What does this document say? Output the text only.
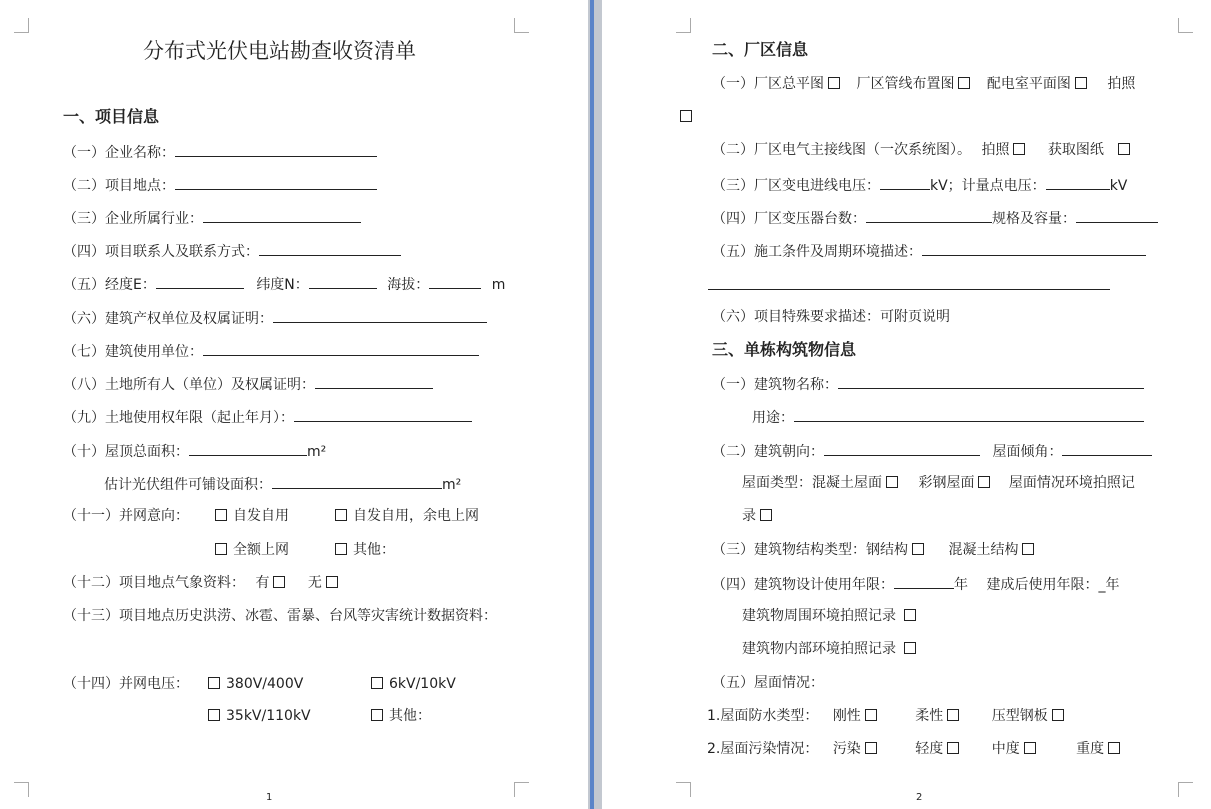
分布式光伏电站勘查收资清单
一、项目信息
（一）企业名称：
（二）项目地点：
（三）企业所属行业：
（四）项目联系人及联系方式：
（五）经度E：	纬度N：	海拔：	m
（六）建筑产权单位及权属证明：
（七）建筑使用单位：
（八）土地所有人（单位）及权属证明：
（九）土地使用权年限（起止年月）：
（十）屋顶总面积：	m²
估计光伏组件可铺设面积：	m²
（十一）并网意向：	自发自用	自发自用，余电上网
全额上网	其他：
（十二）项目地点气象资料： 有	无
（十三）项目地点历史洪涝、冰雹、雷暴、台风等灾害统计数据资料：
（十四）并网电压：	380V/400V	6kV/10kV
35kV/110kV	其他：
1
二、厂区信息
（一）厂区总平图 厂区管线布置图 配电室平面图	拍照
（二）厂区电气主接线图（一次系统图）。 拍照	获取图纸
（三）厂区变电进线电压：	kV；计量点电压：	kV
（四）厂区变压器台数：	规格及容量：
（五）施工条件及周期环境描述：
（六）项目特殊要求描述：可附页说明
三、单栋构筑物信息
（一）建筑物名称：
用途：
（二）建筑朝向：	屋面倾角：
屋面类型：混凝土屋面	彩钢屋面 屋面情况环境拍照记
录
（三）建筑物结构类型：钢结构	混凝土结构
（四）建筑物设计使用年限：	年 建成后使用年限：_年
建筑物周围环境拍照记录
建筑物内部环境拍照记录
（五）屋面情况：
1.屋面防水类型： 刚性	柔性	压型钢板
2.屋面污染情况： 污染	轻度	中度	重度
2
